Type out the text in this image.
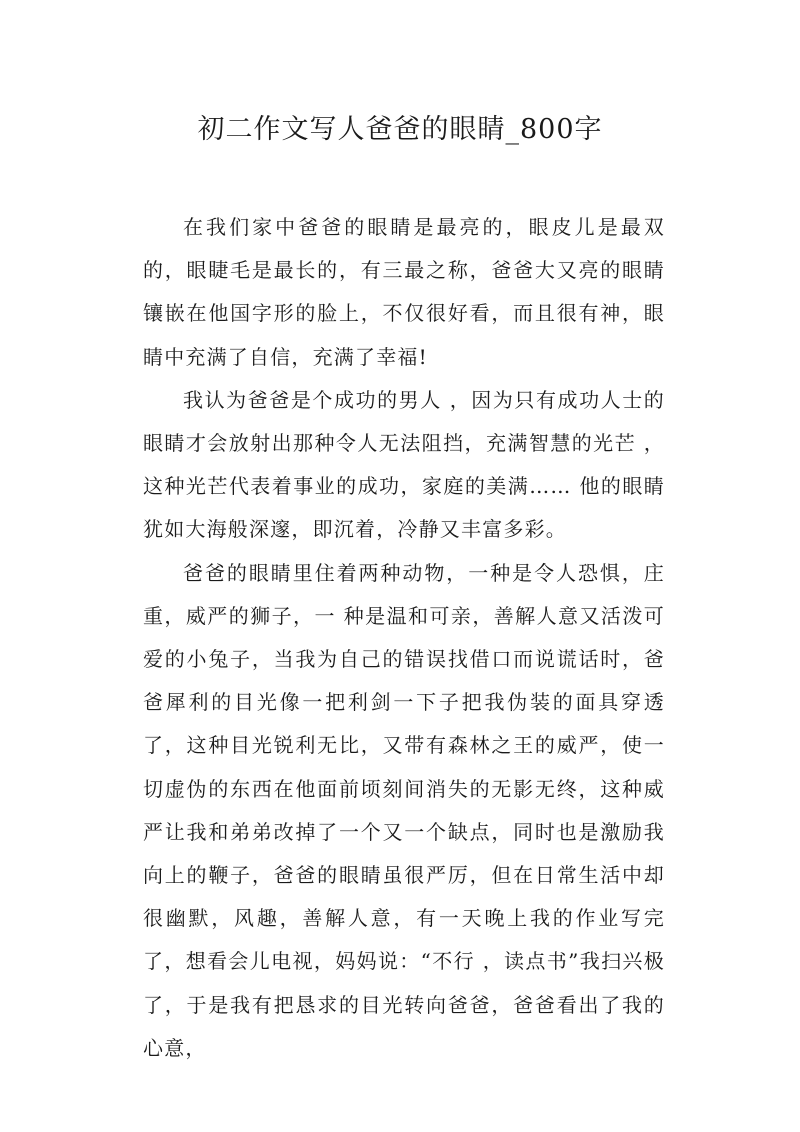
初二作文写人爸爸的眼睛_800字

在我们家中爸爸的眼睛是最亮的，眼皮儿是最双的，眼睫毛是最长的，有三最之称，爸爸大又亮的眼睛镶嵌在他国字形的脸上，不仅很好看，而且很有神，眼睛中充满了自信，充满了幸福!

我认为爸爸是个成功的男人 ，因为只有成功人士的眼睛才会放射出那种令人无法阻挡，充满智慧的光芒 ，这种光芒代表着事业的成功，家庭的美满…… 他的眼睛犹如大海般深邃，即沉着，冷静又丰富多彩。

爸爸的眼睛里住着两种动物，一种是令人恐惧，庄重，威严的狮子，一 种是温和可亲，善解人意又活泼可爱的小兔子，当我为自己的错误找借口而说谎话时，爸爸犀利的目光像一把利剑一下子把我伪装的面具穿透了，这种目光锐利无比，又带有森林之王的威严，使一切虚伪的东西在他面前顷刻间消失的无影无终，这种威严让我和弟弟改掉了一个又一个缺点，同时也是激励我向上的鞭子，爸爸的眼睛虽很严厉，但在日常生活中却很幽默，风趣，善解人意，有一天晚上我的作业写完了，想看会儿电视，妈妈说：“不行 ，读点书”我扫兴极了，于是我有把恳求的目光转向爸爸，爸爸看出了我的心意，
